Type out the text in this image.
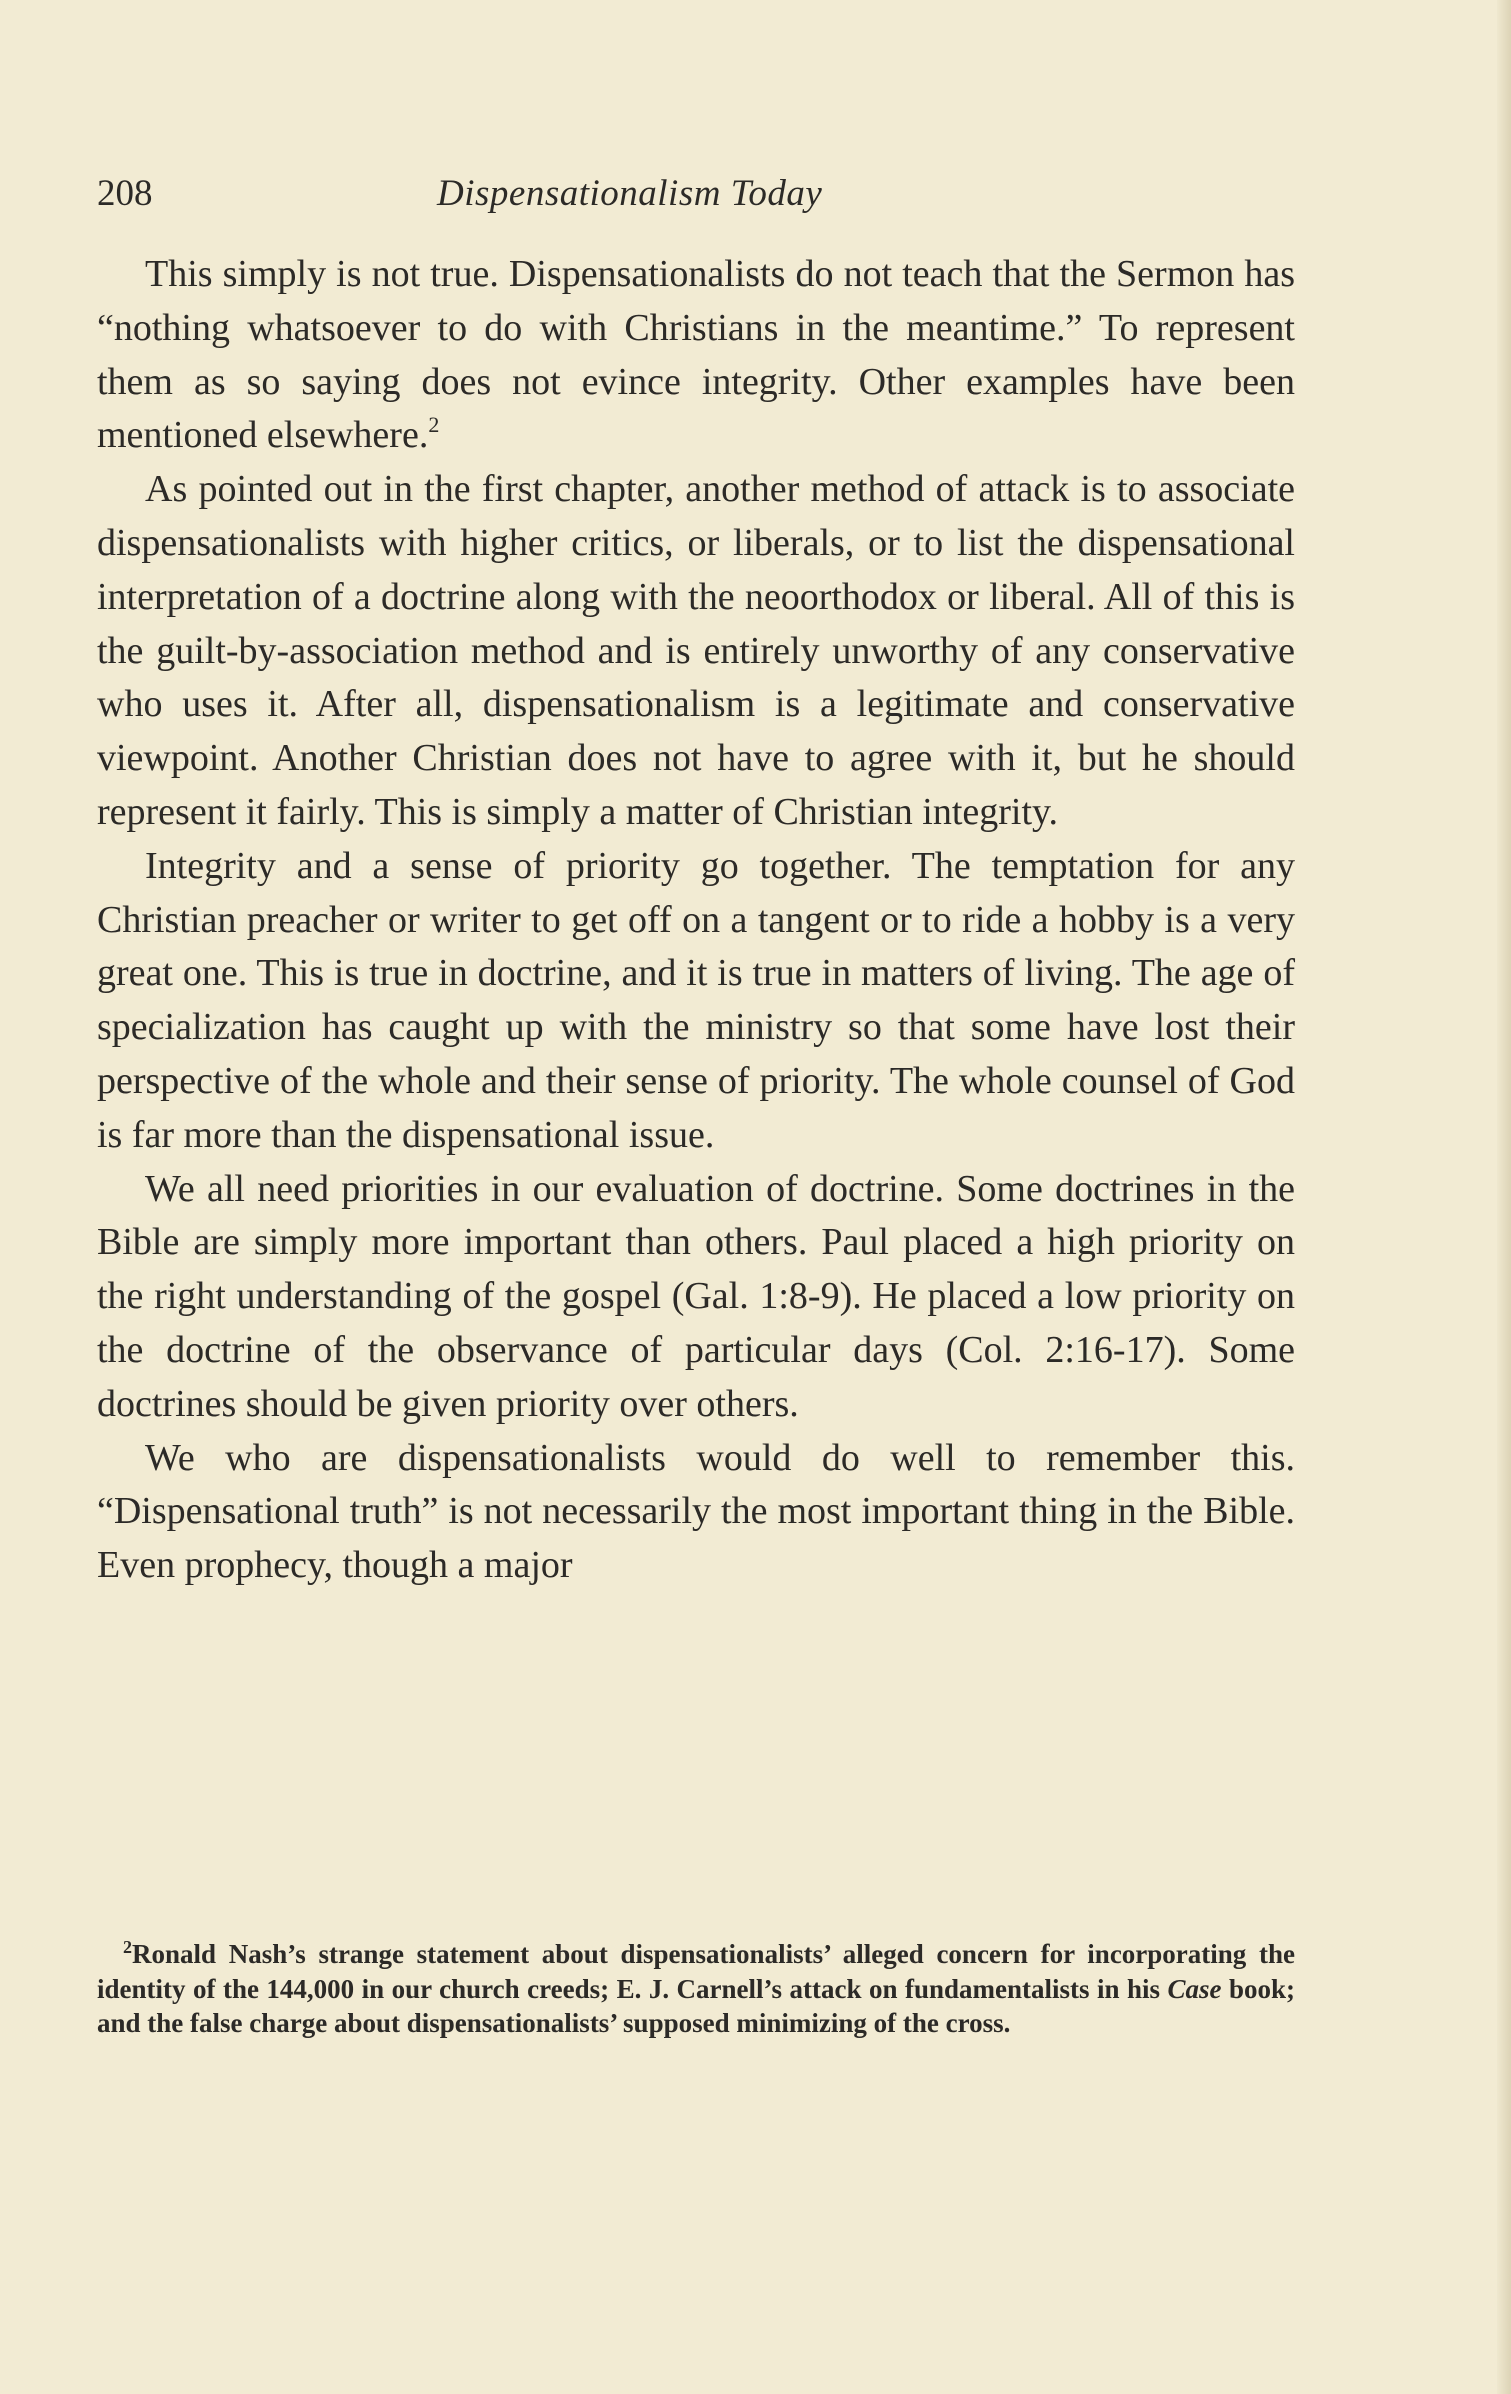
208	Dispensationalism Today

This simply is not true. Dispensationalists do not teach that the Sermon has “nothing whatsoever to do with Christians in the meantime.” To represent them as so saying does not evince integrity. Other examples have been mentioned elsewhere.$^2$

As pointed out in the first chapter, another method of attack is to associate dispensationalists with higher critics, or liberals, or to list the dispensational interpretation of a doctrine along with the neoorthodox or liberal. All of this is the guilt-by-association method and is entirely unworthy of any conservative who uses it. After all, dispensationalism is a legitimate and conservative viewpoint. Another Christian does not have to agree with it, but he should represent it fairly. This is simply a matter of Christian integrity.

Integrity and a sense of priority go together. The temptation for any Christian preacher or writer to get off on a tangent or to ride a hobby is a very great one. This is true in doctrine, and it is true in matters of living. The age of specialization has caught up with the ministry so that some have lost their perspective of the whole and their sense of priority. The whole counsel of God is far more than the dispensational issue.

We all need priorities in our evaluation of doctrine. Some doctrines in the Bible are simply more important than others. Paul placed a high priority on the right understanding of the gospel (Gal. 1:8-9). He placed a low priority on the doctrine of the observance of particular days (Col. 2:16-17). Some doctrines should be given priority over others.

We who are dispensationalists would do well to remember this. “Dispensational truth” is not necessarily the most important thing in the Bible. Even prophecy, though a major

$^2$Ronald Nash’s strange statement about dispensationalists’ alleged concern for incorporating the identity of the 144,000 in our church creeds; E. J. Carnell’s attack on fundamentalists in his Case book; and the false charge about dispensationalists’ supposed minimizing of the cross.
